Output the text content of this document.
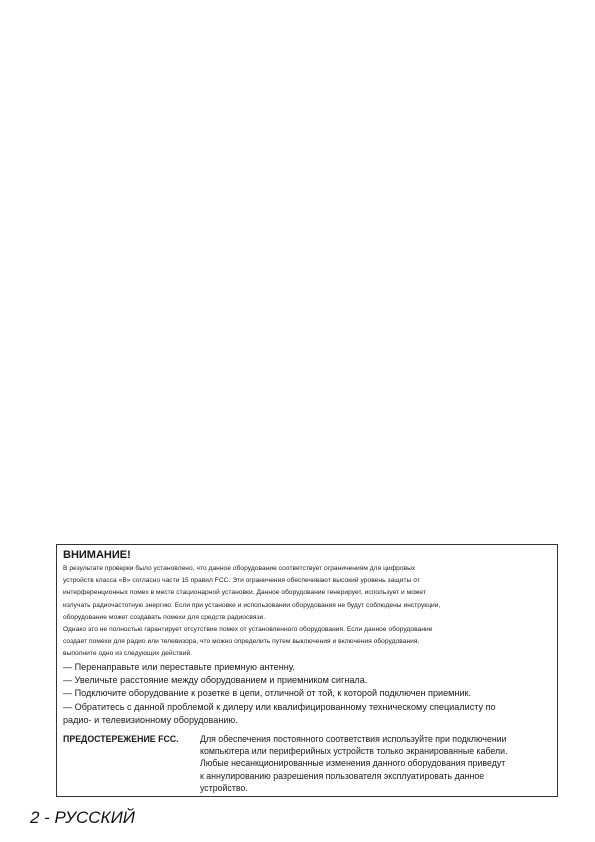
ВНИМАНИЕ!

В результате проверки было установлено, что данное оборудование соответствует ограничениям для цифровых

устройств класса «B» согласно части 15 правил FCC. Эти ограничения обеспечивают высокий уровень защиты от

интерференционных помех в месте стационарной установки. Данное оборудование генерирует, использует и может

излучать радиочастотную энергию. Если при установке и использовании оборудования не будут соблюдены инструкции,

оборудование может создавать помехи для средств радиосвязи.

Однако это не полностью гарантирует отсутствие помех от установленного оборудования. Если данное оборудование

создает помехи для радио или телевизора, что можно определить путем выключения и включения оборудования,

выполните одно из следующих действий.

— Перенаправьте или переставьте приемную антенну.

— Увеличьте расстояние между оборудованием и приемником сигнала.

— Подключите оборудование к розетке в цепи, отличной от той, к которой подключен приемник.

— Обратитесь с данной проблемой к дилеру или квалифицированному техническому специалисту по

радио- и телевизионному оборудованию.

ПРЕДОСТЕРЕЖЕНИЕ FCC.	Для обеспечения постоянного соответствия используйте при подключении
компьютера или периферийных устройств только экранированные кабели.
Любые несанкционированные изменения данного оборудования приведут
к аннулированию разрешения пользователя эксплуатировать данное
устройство.
2 - РУССКИЙ
